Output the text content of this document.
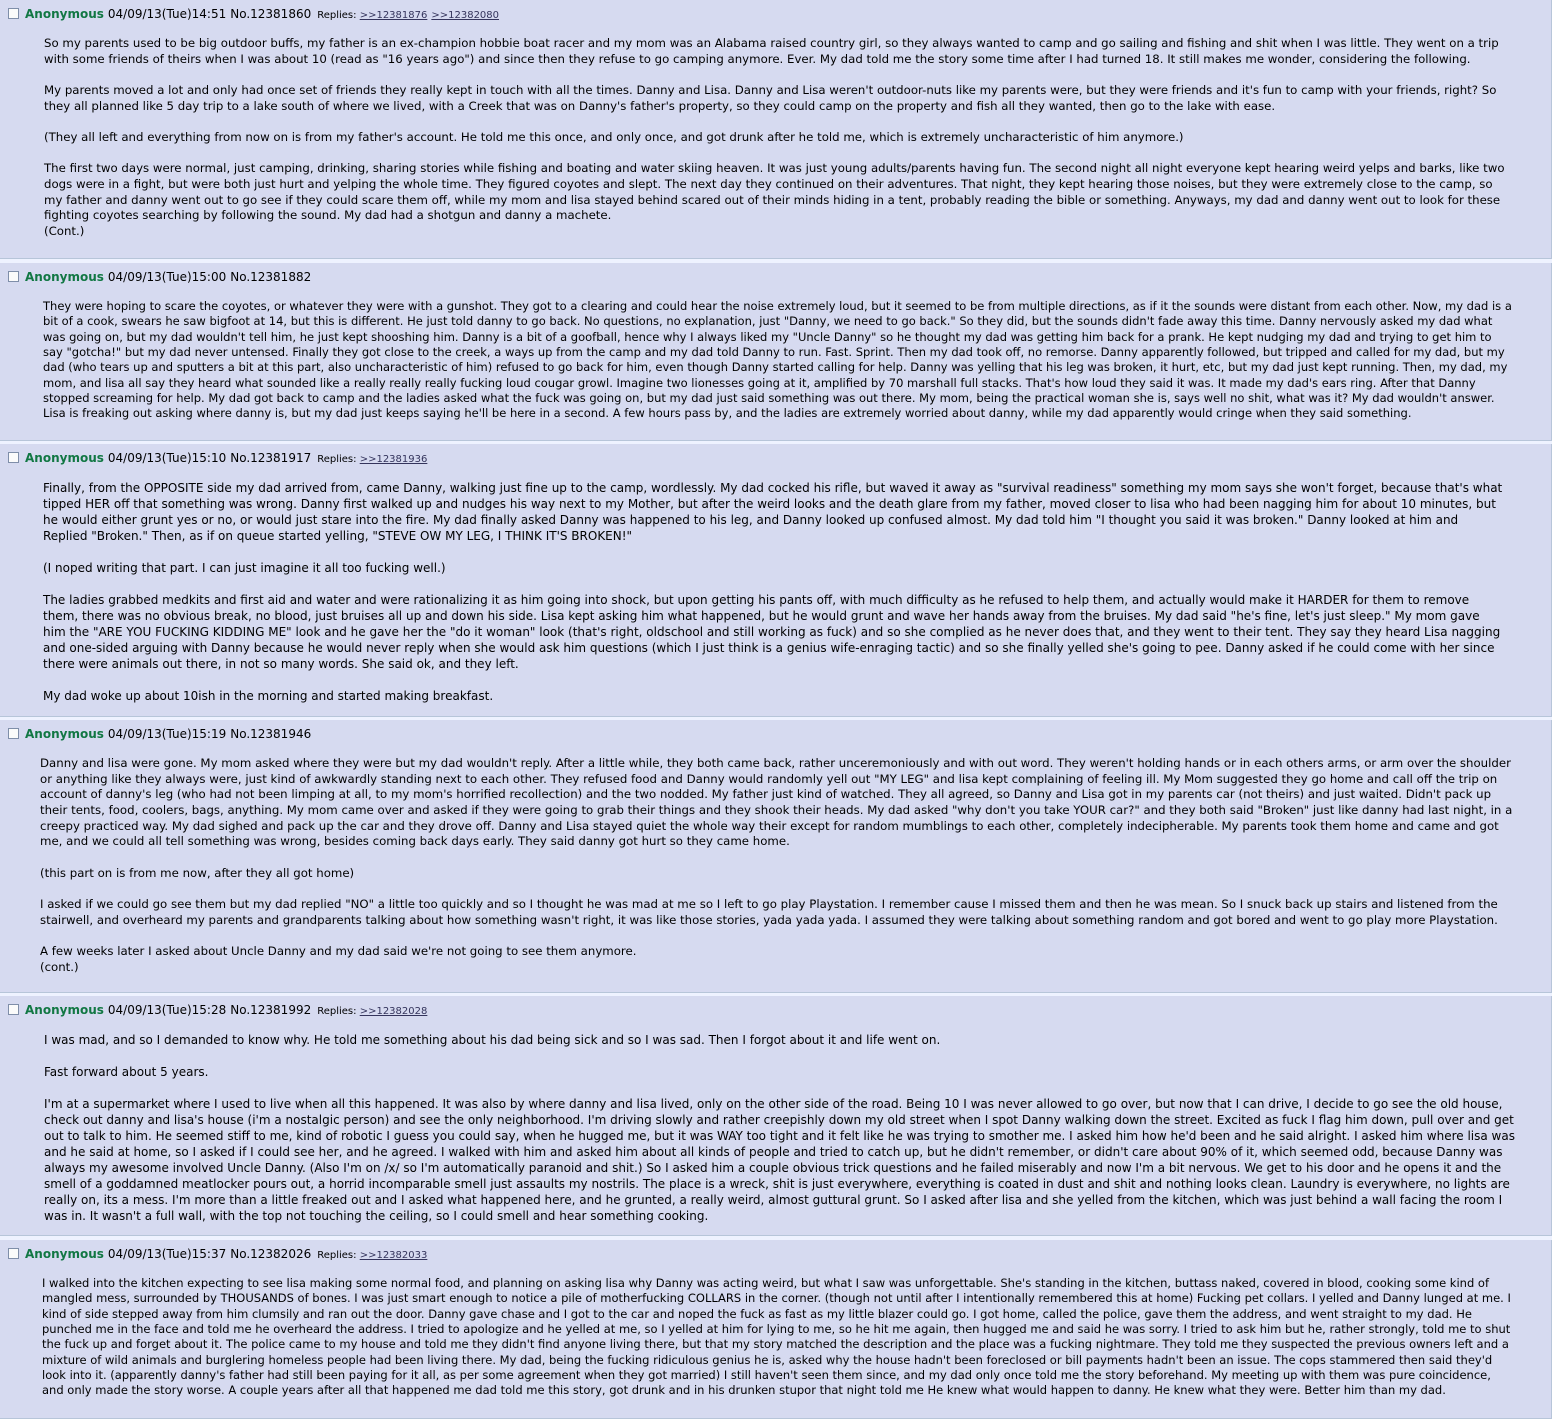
Anonymous 04/09/13(Tue)14:51 No.12381860 Replies: >>12381876 >>12382080
So my parents used to be big outdoor buffs, my father is an ex-champion hobbie boat racer and my mom was an Alabama raised country girl, so they always wanted to camp and go sailing and fishing and shit when I was little. They went on a trip with some friends of theirs when I was about 10 (read as "16 years ago") and since then they refuse to go camping anymore. Ever. My dad told me the story some time after I had turned 18. It still makes me wonder, considering the following.

My parents moved a lot and only had once set of friends they really kept in touch with all the times. Danny and Lisa. Danny and Lisa weren't outdoor-nuts like my parents were, but they were friends and it's fun to camp with your friends, right? So they all planned like 5 day trip to a lake south of where we lived, with a Creek that was on Danny's father's property, so they could camp on the property and fish all they wanted, then go to the lake with ease.

(They all left and everything from now on is from my father's account. He told me this once, and only once, and got drunk after he told me, which is extremely uncharacteristic of him anymore.)

The first two days were normal, just camping, drinking, sharing stories while fishing and boating and water skiing heaven. It was just young adults/parents having fun. The second night all night everyone kept hearing weird yelps and barks, like two dogs were in a fight, but were both just hurt and yelping the whole time. They figured coyotes and slept. The next day they continued on their adventures. That night, they kept hearing those noises, but they were extremely close to the camp, so my father and danny went out to go see if they could scare them off, while my mom and lisa stayed behind scared out of their minds hiding in a tent, probably reading the bible or something. Anyways, my dad and danny went out to look for these fighting coyotes searching by following the sound. My dad had a shotgun and danny a machete.
(Cont.)
Anonymous 04/09/13(Tue)15:00 No.12381882
They were hoping to scare the coyotes, or whatever they were with a gunshot. They got to a clearing and could hear the noise extremely loud, but it seemed to be from multiple directions, as if it the sounds were distant from each other. Now, my dad is a bit of a cook, swears he saw bigfoot at 14, but this is different. He just told danny to go back. No questions, no explanation, just "Danny, we need to go back." So they did, but the sounds didn't fade away this time. Danny nervously asked my dad what was going on, but my dad wouldn't tell him, he just kept shooshing him. Danny is a bit of a goofball, hence why I always liked my "Uncle Danny" so he thought my dad was getting him back for a prank. He kept nudging my dad and trying to get him to say "gotcha!" but my dad never untensed. Finally they got close to the creek, a ways up from the camp and my dad told Danny to run. Fast. Sprint. Then my dad took off, no remorse. Danny apparently followed, but tripped and called for my dad, but my dad (who tears up and sputters a bit at this part, also uncharacteristic of him) refused to go back for him, even though Danny started calling for help. Danny was yelling that his leg was broken, it hurt, etc, but my dad just kept running. Then, my dad, my mom, and lisa all say they heard what sounded like a really really really fucking loud cougar growl. Imagine two lionesses going at it, amplified by 70 marshall full stacks. That's how loud they said it was. It made my dad's ears ring. After that Danny stopped screaming for help. My dad got back to camp and the ladies asked what the fuck was going on, but my dad just said something was out there. My mom, being the practical woman she is, says well no shit, what was it? My dad wouldn't answer. Lisa is freaking out asking where danny is, but my dad just keeps saying he'll be here in a second. A few hours pass by, and the ladies are extremely worried about danny, while my dad apparently would cringe when they said something.
Anonymous 04/09/13(Tue)15:10 No.12381917 Replies: >>12381936
Finally, from the OPPOSITE side my dad arrived from, came Danny, walking just fine up to the camp, wordlessly. My dad cocked his rifle, but waved it away as "survival readiness" something my mom says she won't forget, because that's what tipped HER off that something was wrong. Danny first walked up and nudges his way next to my Mother, but after the weird looks and the death glare from my father, moved closer to lisa who had been nagging him for about 10 minutes, but he would either grunt yes or no, or would just stare into the fire. My dad finally asked Danny was happened to his leg, and Danny looked up confused almost. My dad told him "I thought you said it was broken." Danny looked at him and Replied "Broken." Then, as if on queue started yelling, "STEVE OW MY LEG, I THINK IT'S BROKEN!"

(I noped writing that part. I can just imagine it all too fucking well.)

The ladies grabbed medkits and first aid and water and were rationalizing it as him going into shock, but upon getting his pants off, with much difficulty as he refused to help them, and actually would make it HARDER for them to remove them, there was no obvious break, no blood, just bruises all up and down his side. Lisa kept asking him what happened, but he would grunt and wave her hands away from the bruises. My dad said "he's fine, let's just sleep." My mom gave him the "ARE YOU FUCKING KIDDING ME" look and he gave her the "do it woman" look (that's right, oldschool and still working as fuck) and so she complied as he never does that, and they went to their tent. They say they heard Lisa nagging and one-sided arguing with Danny because he would never reply when she would ask him questions (which I just think is a genius wife-enraging tactic) and so she finally yelled she's going to pee. Danny asked if he could come with her since there were animals out there, in not so many words. She said ok, and they left.

My dad woke up about 10ish in the morning and started making breakfast.
Anonymous 04/09/13(Tue)15:19 No.12381946
Danny and lisa were gone. My mom asked where they were but my dad wouldn't reply. After a little while, they both came back, rather unceremoniously and with out word. They weren't holding hands or in each others arms, or arm over the shoulder or anything like they always were, just kind of awkwardly standing next to each other. They refused food and Danny would randomly yell out "MY LEG" and lisa kept complaining of feeling ill. My Mom suggested they go home and call off the trip on account of danny's leg (who had not been limping at all, to my mom's horrified recollection) and the two nodded. My father just kind of watched. They all agreed, so Danny and Lisa got in my parents car (not theirs) and just waited. Didn't pack up their tents, food, coolers, bags, anything. My mom came over and asked if they were going to grab their things and they shook their heads. My dad asked "why don't you take YOUR car?" and they both said "Broken" just like danny had last night, in a creepy practiced way. My dad sighed and pack up the car and they drove off. Danny and Lisa stayed quiet the whole way their except for random mumblings to each other, completely indecipherable. My parents took them home and came and got me, and we could all tell something was wrong, besides coming back days early. They said danny got hurt so they came home.

(this part on is from me now, after they all got home)

I asked if we could go see them but my dad replied "NO" a little too quickly and so I thought he was mad at me so I left to go play Playstation. I remember cause I missed them and then he was mean. So I snuck back up stairs and listened from the stairwell, and overheard my parents and grandparents talking about how something wasn't right, it was like those stories, yada yada yada. I assumed they were talking about something random and got bored and went to go play more Playstation.

A few weeks later I asked about Uncle Danny and my dad said we're not going to see them anymore.
(cont.)
Anonymous 04/09/13(Tue)15:28 No.12381992 Replies: >>12382028
I was mad, and so I demanded to know why. He told me something about his dad being sick and so I was sad. Then I forgot about it and life went on.

Fast forward about 5 years.

I'm at a supermarket where I used to live when all this happened. It was also by where danny and lisa lived, only on the other side of the road. Being 10 I was never allowed to go over, but now that I can drive, I decide to go see the old house, check out danny and lisa's house (i'm a nostalgic person) and see the only neighborhood. I'm driving slowly and rather creepishly down my old street when I spot Danny walking down the street. Excited as fuck I flag him down, pull over and get out to talk to him. He seemed stiff to me, kind of robotic I guess you could say, when he hugged me, but it was WAY too tight and it felt like he was trying to smother me. I asked him how he'd been and he said alright. I asked him where lisa was and he said at home, so I asked if I could see her, and he agreed. I walked with him and asked him about all kinds of people and tried to catch up, but he didn't remember, or didn't care about 90% of it, which seemed odd, because Danny was always my awesome involved Uncle Danny. (Also I'm on /x/ so I'm automatically paranoid and shit.) So I asked him a couple obvious trick questions and he failed miserably and now I'm a bit nervous. We get to his door and he opens it and the smell of a goddamned meatlocker pours out, a horrid incomparable smell just assaults my nostrils. The place is a wreck, shit is just everywhere, everything is coated in dust and shit and nothing looks clean. Laundry is everywhere, no lights are really on, its a mess. I'm more than a little freaked out and I asked what happened here, and he grunted, a really weird, almost guttural grunt. So I asked after lisa and she yelled from the kitchen, which was just behind a wall facing the room I was in. It wasn't a full wall, with the top not touching the ceiling, so I could smell and hear something cooking.
Anonymous 04/09/13(Tue)15:37 No.12382026 Replies: >>12382033
I walked into the kitchen expecting to see lisa making some normal food, and planning on asking lisa why Danny was acting weird, but what I saw was unforgettable. She's standing in the kitchen, buttass naked, covered in blood, cooking some kind of mangled mess, surrounded by THOUSANDS of bones. I was just smart enough to notice a pile of motherfucking COLLARS in the corner. (though not until after I intentionally remembered this at home) Fucking pet collars. I yelled and Danny lunged at me. I kind of side stepped away from him clumsily and ran out the door. Danny gave chase and I got to the car and noped the fuck as fast as my little blazer could go. I got home, called the police, gave them the address, and went straight to my dad. He punched me in the face and told me he overheard the address. I tried to apologize and he yelled at me, so I yelled at him for lying to me, so he hit me again, then hugged me and said he was sorry. I tried to ask him but he, rather strongly, told me to shut the fuck up and forget about it. The police came to my house and told me they didn't find anyone living there, but that my story matched the description and the place was a fucking nightmare. They told me they suspected the previous owners left and a mixture of wild animals and burglering homeless people had been living there. My dad, being the fucking ridiculous genius he is, asked why the house hadn't been foreclosed or bill payments hadn't been an issue. The cops stammered then said they'd look into it. (apparently danny's father had still been paying for it all, as per some agreement when they got married) I still haven't seen them since, and my dad only once told me the story beforehand. My meeting up with them was pure coincidence, and only made the story worse. A couple years after all that happened me dad told me this story, got drunk and in his drunken stupor that night told me He knew what would happen to danny. He knew what they were. Better him than my dad.
